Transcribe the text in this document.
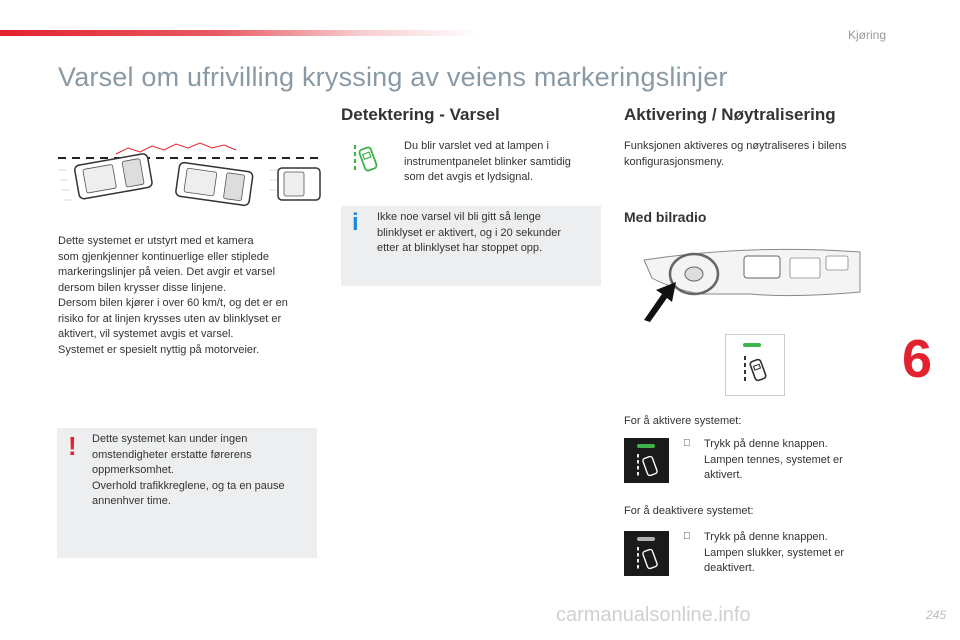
Kjøring
Varsel om ufrivilling kryssing av veiens markeringslinjer
Dette systemet er utstyrt med et kamera
som gjenkjenner kontinuerlige eller stiplede
markeringslinjer på veien. Det avgir et varsel
dersom bilen krysser disse linjene.
Dersom bilen kjører i over 60 km/t, og det er en
risiko for at linjen krysses uten av blinklyset er
aktivert, vil systemet avgis et varsel.
Systemet er spesielt nyttig på motorveier.
! Dette systemet kan under ingen
omstendigheter erstatte førerens
oppmerksomhet.
Overhold trafikkreglene, og ta en pause
annenhver time.
Detektering - Varsel
Du blir varslet ved at lampen i
instrumentpanelet blinker samtidig
som det avgis et lydsignal.
i Ikke noe varsel vil bli gitt så lenge
blinklyset er aktivert, og i 20 sekunder
etter at blinklyset har stoppet opp.
Aktivering / Nøytralisering
Funksjonen aktiveres og nøytraliseres i bilens
konfigurasjonsmeny.
Med bilradio
For å aktivere systemet:
Trykk på denne knappen.
Lampen tennes, systemet er
aktivert.
For å deaktivere systemet:
Trykk på denne knappen.
Lampen slukker, systemet er
deaktivert.
6
carmanualsonline.info	245
